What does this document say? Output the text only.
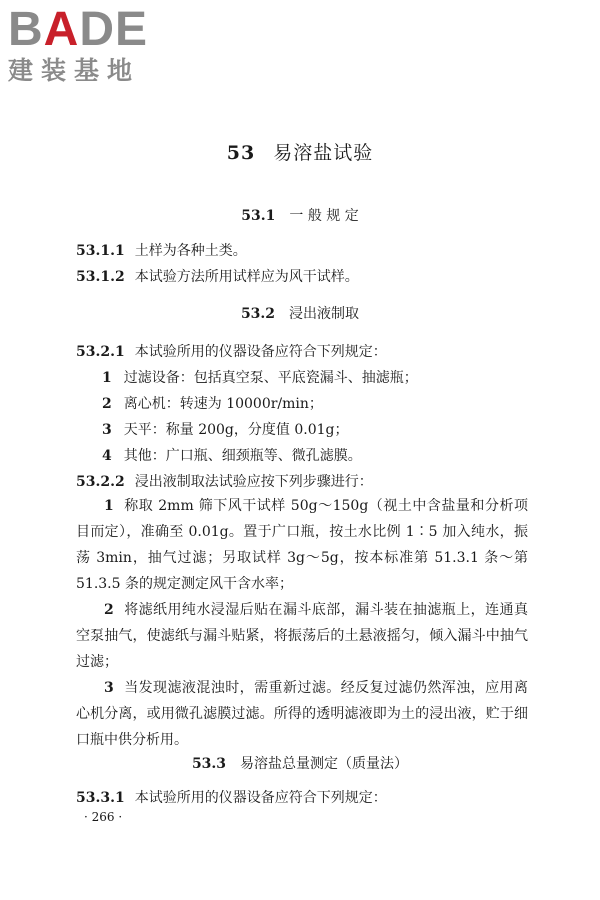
BADE
建装基地
53 易溶盐试验
53.1 一 般 规 定
53.1.1 土样为各种土类。
53.1.2 本试验方法所用试样应为风干试样。
53.2 浸出液制取
53.2.1 本试验所用的仪器设备应符合下列规定：
1 过滤设备：包括真空泵、平底瓷漏斗、抽滤瓶；
2 离心机：转速为 10000r/min；
3 天平：称量 200g，分度值 0.01g；
4 其他：广口瓶、细颈瓶等、微孔滤膜。
53.2.2 浸出液制取法试验应按下列步骤进行：
1 称取 2mm 筛下风干试样 50g～150g（视土中含盐量和分析项目而定），准确至 0.01g。置于广口瓶，按土水比例 1∶5 加入纯水，振荡 3min，抽气过滤；另取试样 3g～5g，按本标准第 51.3.1 条～第 51.3.5 条的规定测定风干含水率；
2 将滤纸用纯水浸湿后贴在漏斗底部，漏斗装在抽滤瓶上，连通真空泵抽气，使滤纸与漏斗贴紧，将振荡后的土悬液摇匀，倾入漏斗中抽气过滤；
3 当发现滤液混浊时，需重新过滤。经反复过滤仍然浑浊，应用离心机分离，或用微孔滤膜过滤。所得的透明滤液即为土的浸出液，贮于细口瓶中供分析用。
53.3 易溶盐总量测定（质量法）
53.3.1 本试验所用的仪器设备应符合下列规定：
· 266 ·
